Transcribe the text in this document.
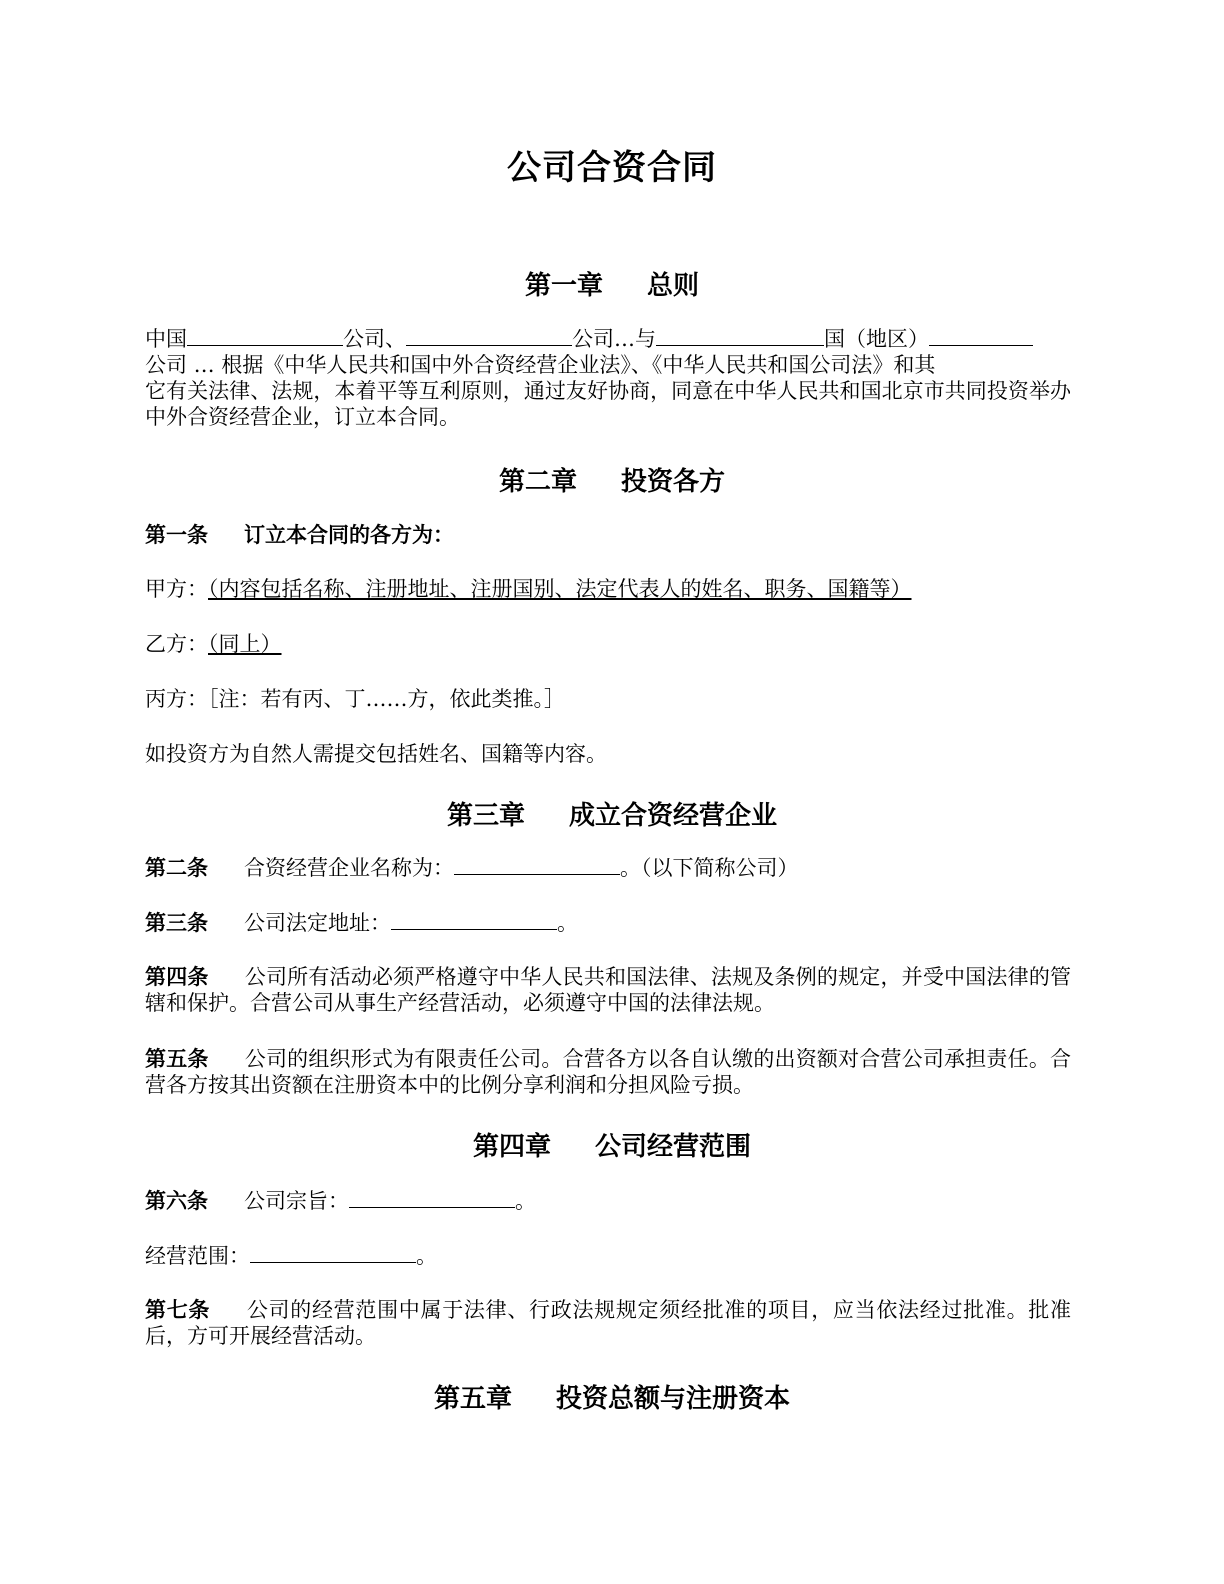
公司合资合同
第一章 总则
中国	公司、	公司…与	国（地区）
公司 … 根据《中华人民共和国中外合资经营企业法》、《中华人民共和国公司法》和其
它有关法律、法规，本着平等互利原则，通过友好协商，同意在中华人民共和国北京市共同投资举办中外合资经营企业，订立本合同。
第二章 投资各方
第一条 订立本合同的各方为：
甲方：（内容包括名称、注册地址、注册国别、法定代表人的姓名、职务、国籍等）
乙方：（同上）
丙方：［注：若有丙、丁……方，依此类推。］
如投资方为自然人需提交包括姓名、国籍等内容。
第三章 成立合资经营企业
第二条 合资经营企业名称为：	。（以下简称公司）
第三条 公司法定地址：	。
第四条 公司所有活动必须严格遵守中华人民共和国法律、法规及条例的规定，并受中国法律的管辖和保护。合营公司从事生产经营活动，必须遵守中国的法律法规。
第五条 公司的组织形式为有限责任公司。合营各方以各自认缴的出资额对合营公司承担责任。合营各方按其出资额在注册资本中的比例分享利润和分担风险亏损。
第四章 公司经营范围
第六条 公司宗旨：	。
经营范围：	。
第七条 公司的经营范围中属于法律、行政法规规定须经批准的项目，应当依法经过批准。批准后，方可开展经营活动。
第五章 投资总额与注册资本
